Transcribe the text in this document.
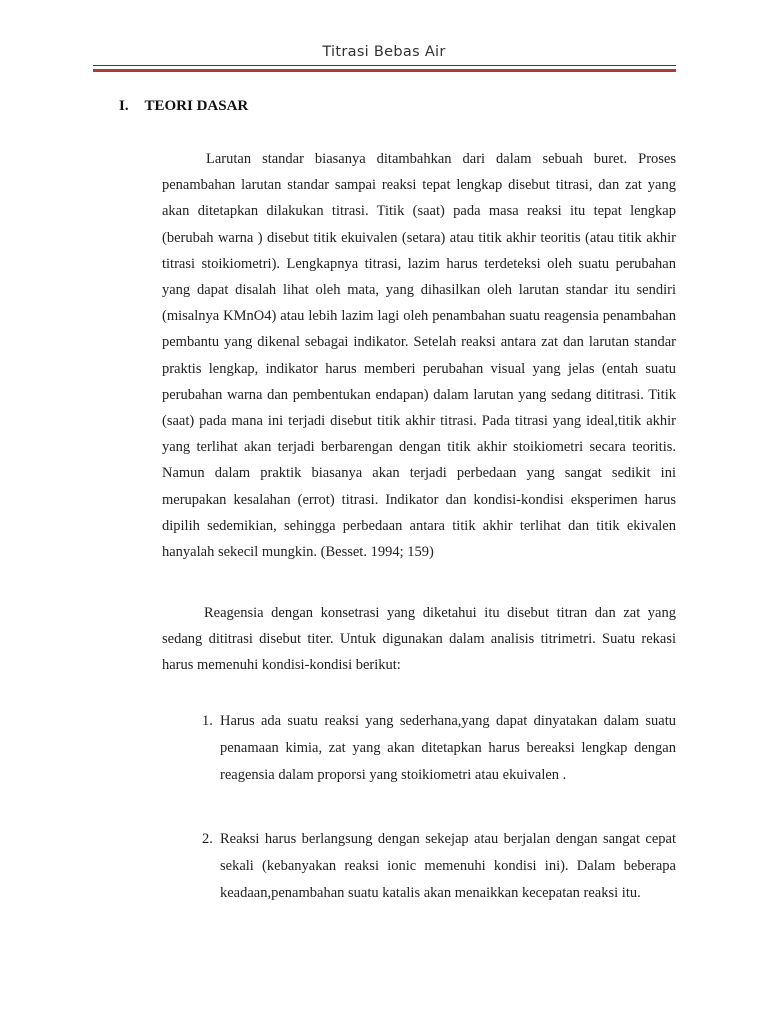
Titrasi Bebas Air
I. TEORI DASAR

Larutan standar biasanya ditambahkan dari dalam sebuah buret. Proses penambahan larutan standar sampai reaksi tepat lengkap disebut titrasi, dan zat yang akan ditetapkan dilakukan titrasi. Titik (saat) pada masa reaksi itu tepat lengkap (berubah warna ) disebut titik ekuivalen (setara) atau titik akhir teoritis (atau titik akhir titrasi stoikiometri). Lengkapnya titrasi, lazim harus terdeteksi oleh suatu perubahan yang dapat disalah lihat oleh mata, yang dihasilkan oleh larutan standar itu sendiri (misalnya KMnO4) atau lebih lazim lagi oleh penambahan suatu reagensia penambahan pembantu yang dikenal sebagai indikator. Setelah reaksi antara zat dan larutan standar praktis lengkap, indikator harus memberi perubahan visual yang jelas (entah suatu perubahan warna dan pembentukan endapan) dalam larutan yang sedang dititrasi. Titik (saat) pada mana ini terjadi disebut titik akhir titrasi. Pada titrasi yang ideal,titik akhir yang terlihat akan terjadi berbarengan dengan titik akhir stoikiometri secara teoritis. Namun dalam praktik biasanya akan terjadi perbedaan yang sangat sedikit ini merupakan kesalahan (errot) titrasi. Indikator dan kondisi-kondisi eksperimen harus dipilih sedemikian, sehingga perbedaan antara titik akhir terlihat dan titik ekivalen hanyalah sekecil mungkin. (Besset. 1994; 159)

Reagensia dengan konsetrasi yang diketahui itu disebut titran dan zat yang sedang dititrasi disebut titer. Untuk digunakan dalam analisis titrimetri. Suatu rekasi harus memenuhi kondisi-kondisi berikut:

1. Harus ada suatu reaksi yang sederhana,yang dapat dinyatakan dalam suatu penamaan kimia, zat yang akan ditetapkan harus bereaksi lengkap dengan reagensia dalam proporsi yang stoikiometri atau ekuivalen .
2. Reaksi harus berlangsung dengan sekejap atau berjalan dengan sangat cepat sekali (kebanyakan reaksi ionic memenuhi kondisi ini). Dalam beberapa keadaan,penambahan suatu katalis akan menaikkan kecepatan reaksi itu.
